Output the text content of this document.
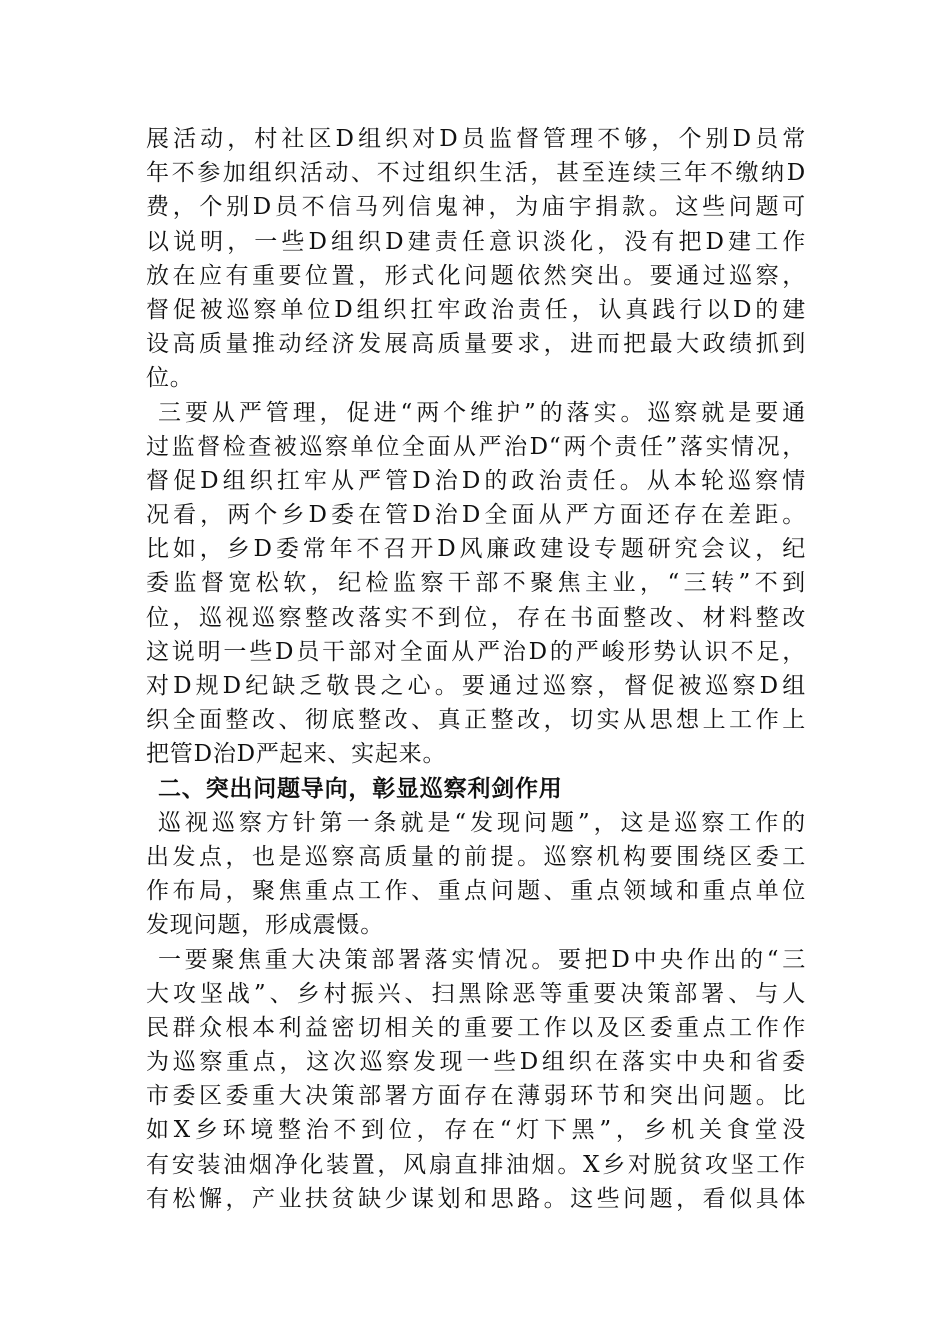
展活动，村社区D组织对D员监督管理不够，个别D员常
年不参加组织活动、不过组织生活，甚至连续三年不缴纳D
费，个别D员不信马列信鬼神，为庙宇捐款。这些问题可
以说明，一些D组织D建责任意识淡化，没有把D建工作
放在应有重要位置，形式化问题依然突出。要通过巡察，
督促被巡察单位D组织扛牢政治责任，认真践行以D的建
设高质量推动经济发展高质量要求，进而把最大政绩抓到
位。
三要从严管理，促进“两个维护”的落实。巡察就是要通
过监督检查被巡察单位全面从严治D“两个责任”落实情况，
督促D组织扛牢从严管D治D的政治责任。从本轮巡察情
况看，两个乡D委在管D治D全面从严方面还存在差距。
比如，乡D委常年不召开D风廉政建设专题研究会议，纪
委监督宽松软，纪检监察干部不聚焦主业，“三转”不到
位，巡视巡察整改落实不到位，存在书面整改、材料整改
这说明一些D员干部对全面从严治D的严峻形势认识不足，
对D规D纪缺乏敬畏之心。要通过巡察，督促被巡察D组
织全面整改、彻底整改、真正整改，切实从思想上工作上
把管D治D严起来、实起来。
二、突出问题导向，彰显巡察利剑作用
巡视巡察方针第一条就是“发现问题”，这是巡察工作的
出发点，也是巡察高质量的前提。巡察机构要围绕区委工
作布局，聚焦重点工作、重点问题、重点领域和重点单位
发现问题，形成震慑。
一要聚焦重大决策部署落实情况。要把D中央作出的“三
大攻坚战”、乡村振兴、扫黑除恶等重要决策部署、与人
民群众根本利益密切相关的重要工作以及区委重点工作作
为巡察重点，这次巡察发现一些D组织在落实中央和省委
市委区委重大决策部署方面存在薄弱环节和突出问题。比
如X乡环境整治不到位，存在“灯下黑”，乡机关食堂没
有安装油烟净化装置，风扇直排油烟。X乡对脱贫攻坚工作
有松懈，产业扶贫缺少谋划和思路。这些问题，看似具体
